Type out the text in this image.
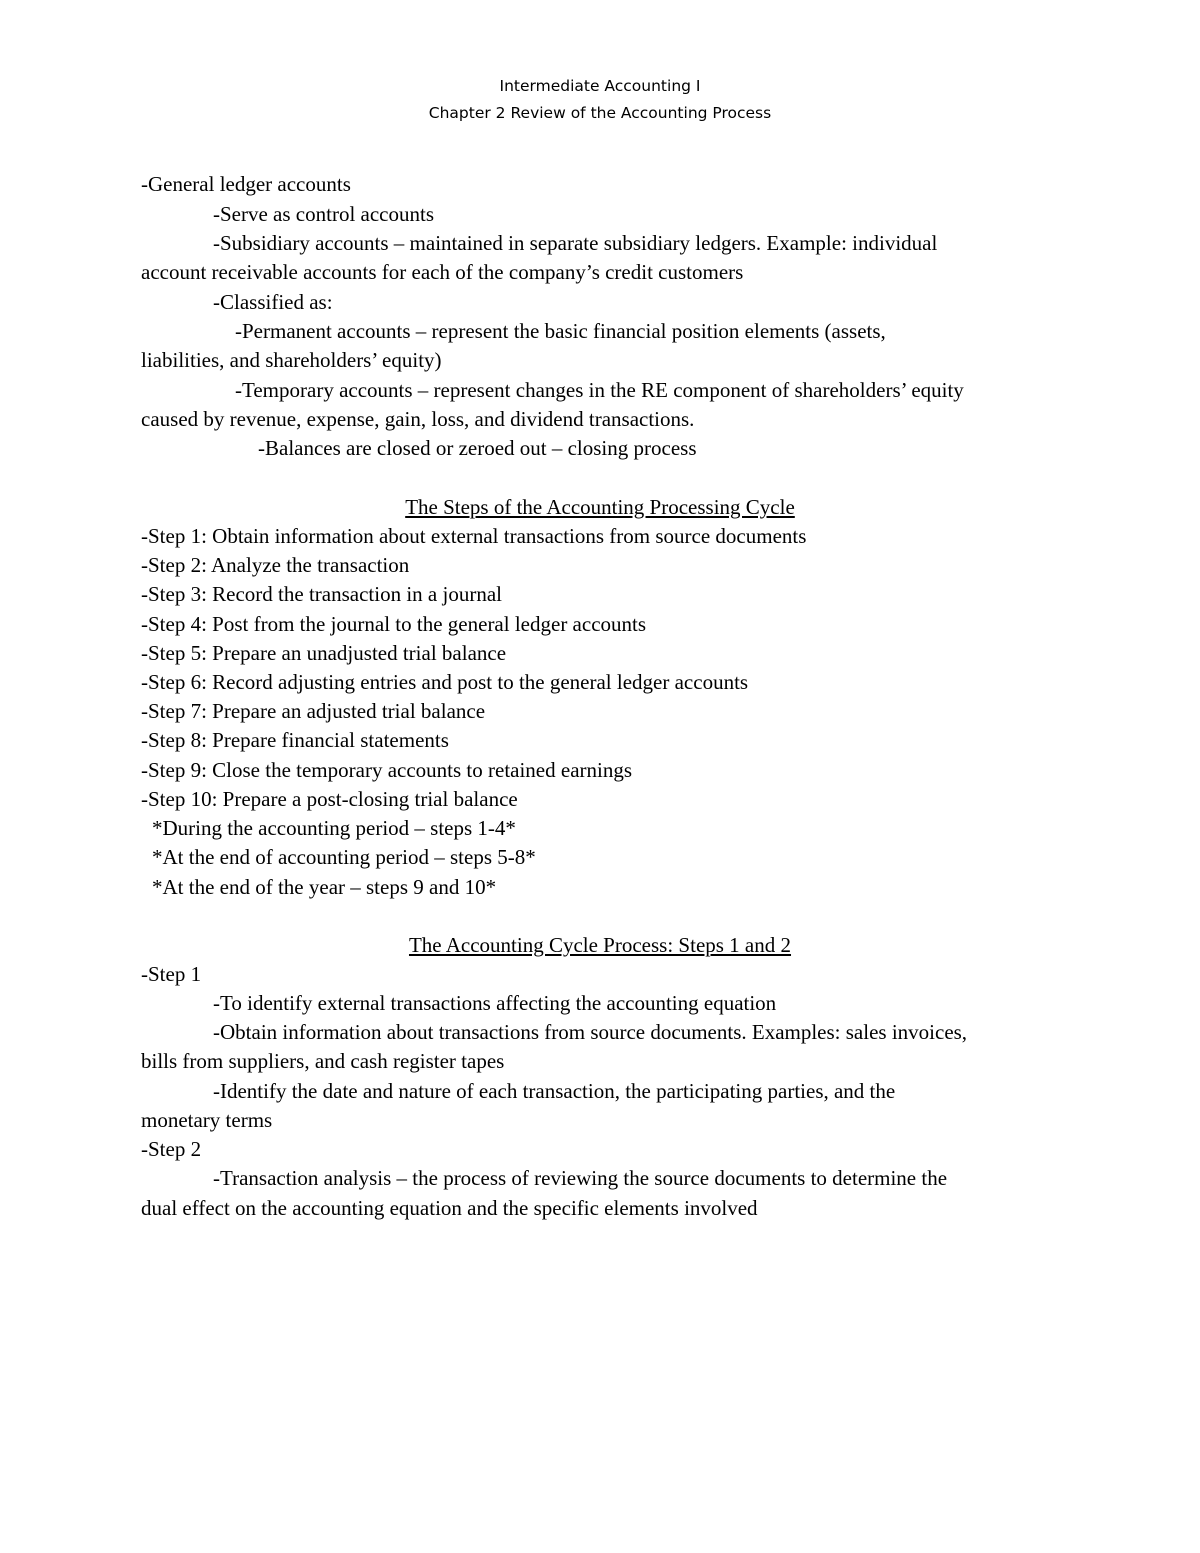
Intermediate Accounting I
Chapter 2 Review of the Accounting Process
-General ledger accounts
-Serve as control accounts
-Subsidiary accounts – maintained in separate subsidiary ledgers. Example: individual
account receivable accounts for each of the company’s credit customers
-Classified as:
-Permanent accounts – represent the basic financial position elements (assets,
liabilities, and shareholders’ equity)
-Temporary accounts – represent changes in the RE component of shareholders’ equity
caused by revenue, expense, gain, loss, and dividend transactions.
-Balances are closed or zeroed out – closing process
The Steps of the Accounting Processing Cycle
-Step 1: Obtain information about external transactions from source documents
-Step 2: Analyze the transaction
-Step 3: Record the transaction in a journal
-Step 4: Post from the journal to the general ledger accounts
-Step 5: Prepare an unadjusted trial balance
-Step 6: Record adjusting entries and post to the general ledger accounts
-Step 7: Prepare an adjusted trial balance
-Step 8: Prepare financial statements
-Step 9: Close the temporary accounts to retained earnings
-Step 10: Prepare a post-closing trial balance
*During the accounting period – steps 1-4*
*At the end of accounting period – steps 5-8*
*At the end of the year – steps 9 and 10*
The Accounting Cycle Process: Steps 1 and 2
-Step 1
-To identify external transactions affecting the accounting equation
-Obtain information about transactions from source documents. Examples: sales invoices,
bills from suppliers, and cash register tapes
-Identify the date and nature of each transaction, the participating parties, and the
monetary terms
-Step 2
-Transaction analysis – the process of reviewing the source documents to determine the
dual effect on the accounting equation and the specific elements involved
